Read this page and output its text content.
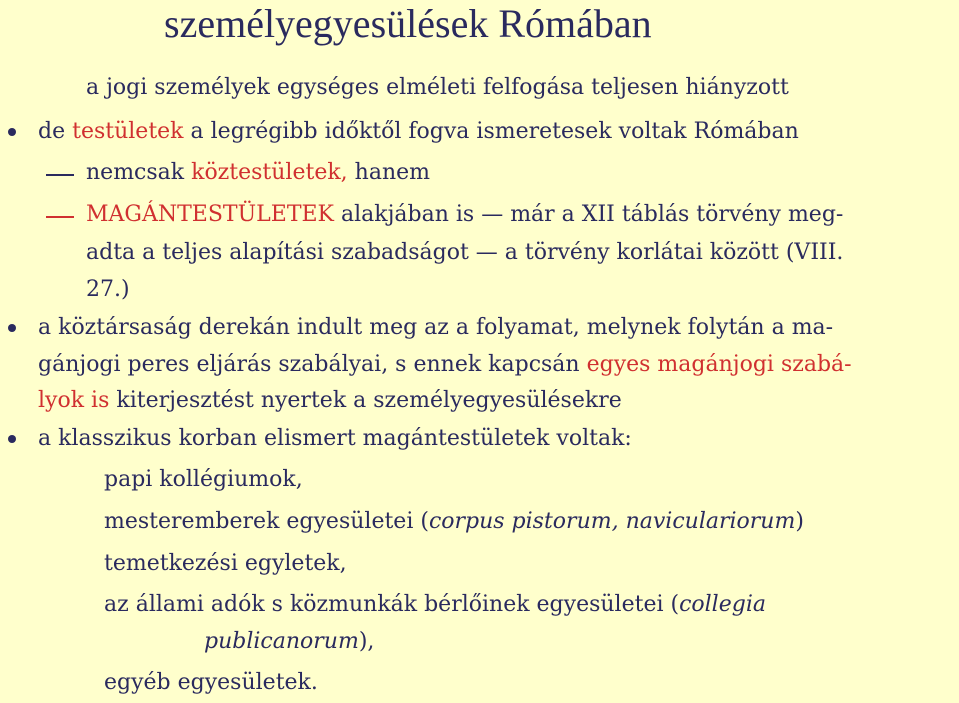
személyegyesülések Rómában
a jogi személyek egységes elméleti felfogása teljesen hiányzott
de testületek a legrégibb időktől fogva ismeretesek voltak Rómában
nemcsak köztestületek, hanem
MAGÁNTESTÜLETEK alakjában is — már a XII táblás törvény meg-
adta a teljes alapítási szabadságot — a törvény korlátai között (VIII.
27.)
a köztársaság derekán indult meg az a folyamat, melynek folytán a ma-
gánjogi peres eljárás szabályai, s ennek kapcsán egyes magánjogi szabá-
lyok is kiterjesztést nyertek a személyegyesülésekre
a klasszikus korban elismert magántestületek voltak:
papi kollégiumok,
mesteremberek egyesületei (corpus pistorum, naviculariorum)
temetkezési egyletek,
az állami adók s közmunkák bérlőinek egyesületei (collegia
publicanorum),
egyéb egyesületek.
